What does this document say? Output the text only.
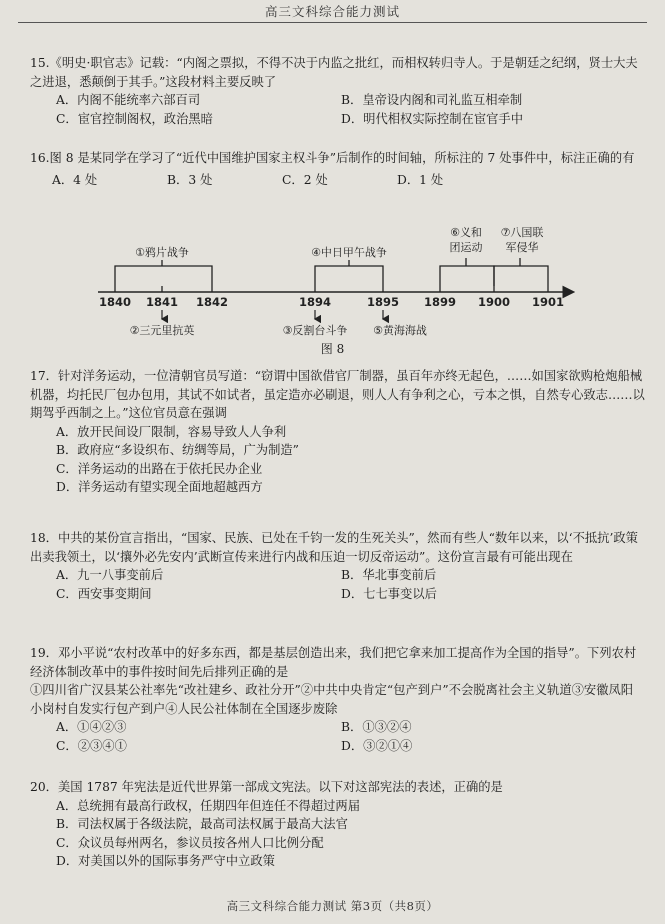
高三文科综合能力测试

15.《明史·职官志》记载：“内阁之票拟，不得不决于内监之批红，而相权转归寺人。于是朝廷之纪纲，贤士大夫之进退，悉颠倒于其手。”这段材料主要反映了

A．内阁不能统率六部百司	B．皇帝设内阁和司礼监互相牵制
C．宦官控制阁权，政治黑暗	D．明代相权实际控制在宦官手中

16.图 8 是某同学在学习了“近代中国维护国家主权斗争”后制作的时间轴，所标注的 7 处事件中，标注正确的有

A．4 处	B．3 处	C．2 处	D．1 处
①鸦片战争	④中日甲午战争
⑥义和
团运动
⑦八国联
军侵华
1840 1841 1842	1894	1895 1899 1900 1901
②三元里抗英	③反割台斗争 ⑤黄海海战
图 8

17．针对洋务运动，一位清朝官员写道：“窃谓中国欲借官厂制器，虽百年亦终无起色，……如国家欲购枪炮船械机器，均托民厂包办包用，其试不如试者，虽定造亦必刷退，则人人有争利之心，亏本之惧，自然专心致志……以期驾乎西制之上。”这位官员意在强调

A．放开民间设厂限制，容易导致人人争利
B．政府应“多设织布、纺绸等局，广为制造”
C．洋务运动的出路在于依托民办企业
D．洋务运动有望实现全面地超越西方

18．中共的某份宣言指出，“国家、民族、已处在千钧一发的生死关头”，然而有些人“数年以来，以‘不抵抗’政策出卖我领土，以‘攘外必先安内’武断宣传来进行内战和压迫一切反帝运动”。这份宣言最有可能出现在

A．九一八事变前后	B．华北事变前后
C．西安事变期间	D．七七事变以后

19．邓小平说“农村改革中的好多东西，都是基层创造出来，我们把它拿来加工提高作为全国的指导”。下列农村经济体制改革中的事件按时间先后排列正确的是

①四川省广汉县某公社率先“改社建乡、政社分开”②中共中央肯定“包产到户”不会脱离社会主义轨道③安徽凤阳小岗村自发实行包产到户④人民公社体制在全国逐步废除

A．①④②③	B．①③②④
C．②③④①	D．③②①④

20．美国 1787 年宪法是近代世界第一部成文宪法。以下对这部宪法的表述，正确的是

A．总统拥有最高行政权，任期四年但连任不得超过两届
B．司法权属于各级法院，最高司法权属于最高大法官
C．众议员每州两名，参议员按各州人口比例分配
D．对美国以外的国际事务严守中立政策
高三文科综合能力测试 第3页（共8页）
